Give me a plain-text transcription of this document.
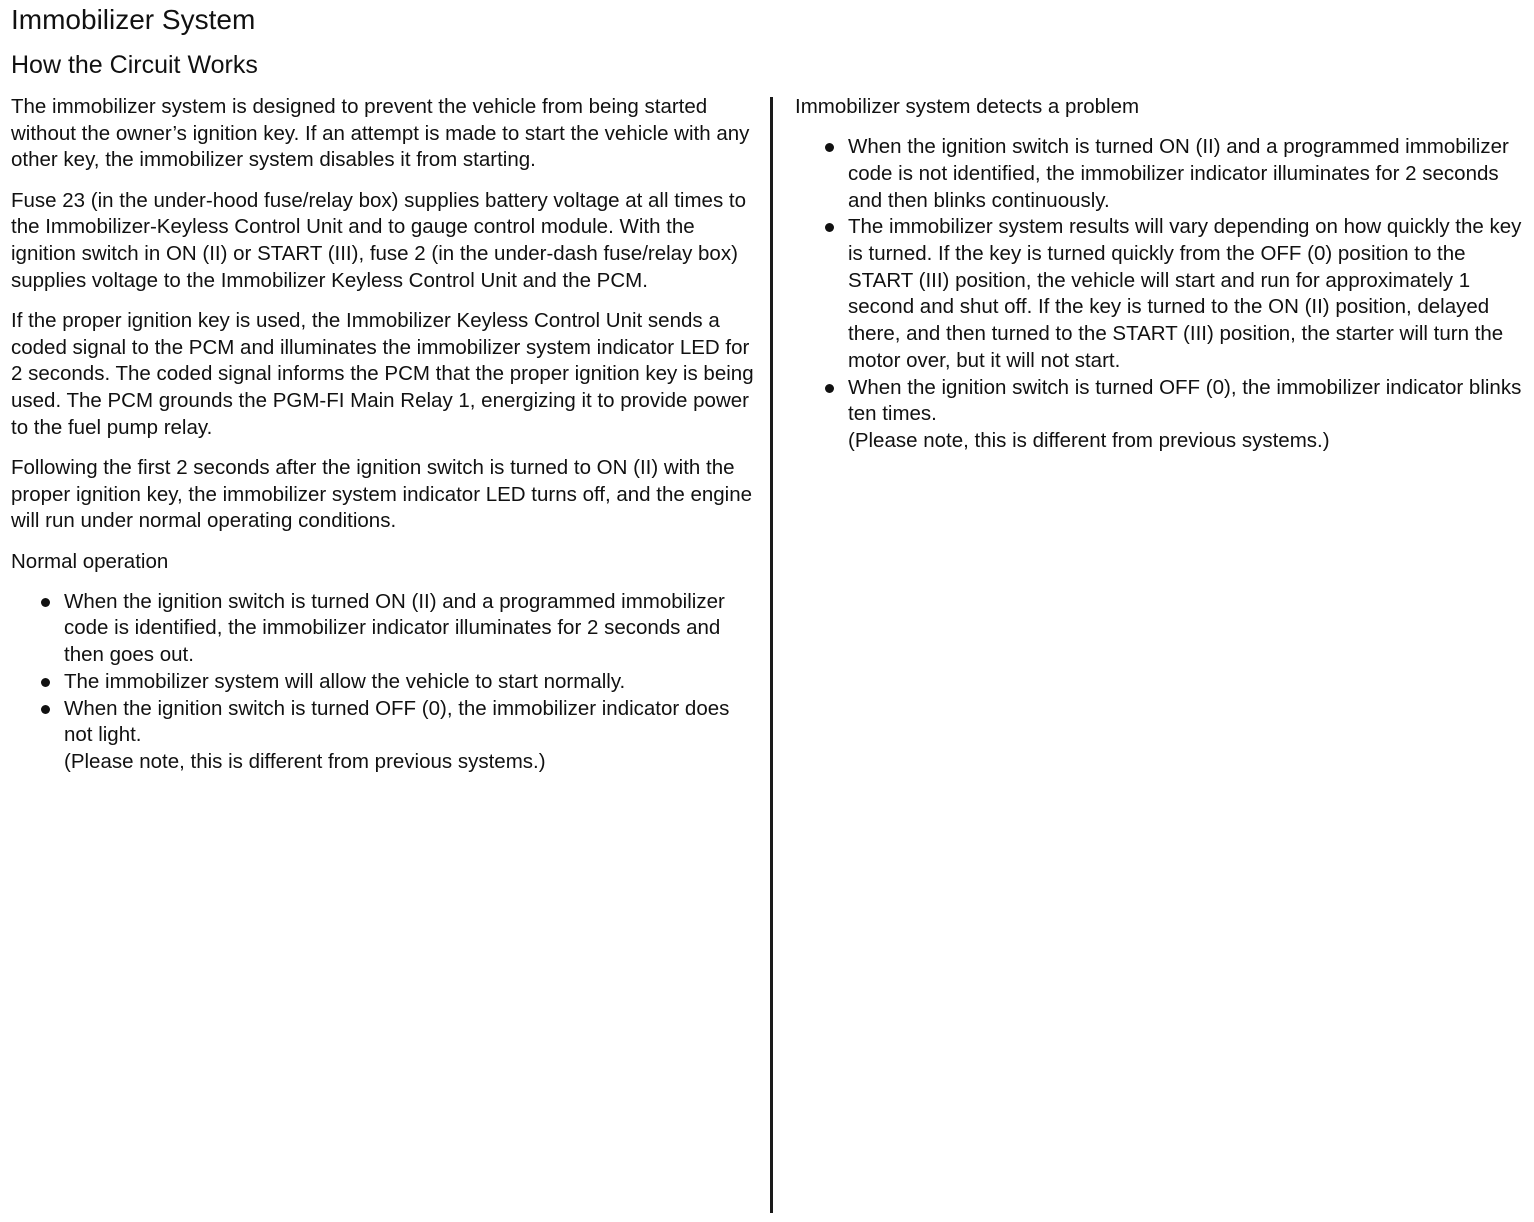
Immobilizer System
How the Circuit Works

The immobilizer system is designed to prevent the vehicle from being started without the owner’s ignition key. If an attempt is made to start the vehicle with any other key, the immobilizer system disables it from starting.

Fuse 23 (in the under-hood fuse/relay box) supplies battery voltage at all times to the Immobilizer-Keyless Control Unit and to gauge control module. With the ignition switch in ON (II) or START (III), fuse 2 (in the under-dash fuse/relay box) supplies voltage to the Immobilizer Keyless Control Unit and the PCM.

If the proper ignition key is used, the Immobilizer Keyless Control Unit sends a coded signal to the PCM and illuminates the immobilizer system indicator LED for 2 seconds. The coded signal informs the PCM that the proper ignition key is being used. The PCM grounds the PGM-FI Main Relay 1, energizing it to provide power to the fuel pump relay.

Following the first 2 seconds after the ignition switch is turned to ON (II) with the proper ignition key, the immobilizer system indicator LED turns off, and the engine will run under normal operating conditions.

Normal operation
When the ignition switch is turned ON (II) and a programmed immobilizer code is identified, the immobilizer indicator illuminates for 2 seconds and then goes out.
The immobilizer system will allow the vehicle to start normally.
When the ignition switch is turned OFF (0), the immobilizer indicator does not light.
(Please note, this is different from previous systems.)
Immobilizer system detects a problem
When the ignition switch is turned ON (II) and a programmed immobilizer code is not identified, the immobilizer indicator illuminates for 2 seconds and then blinks continuously.
The immobilizer system results will vary depending on how quickly the key is turned. If the key is turned quickly from the OFF (0) position to the START (III) position, the vehicle will start and run for approximately 1 second and shut off. If the key is turned to the ON (II) position, delayed there, and then turned to the START (III) position, the starter will turn the motor over, but it will not start.
When the ignition switch is turned OFF (0), the immobilizer indicator blinks ten times.
(Please note, this is different from previous systems.)
